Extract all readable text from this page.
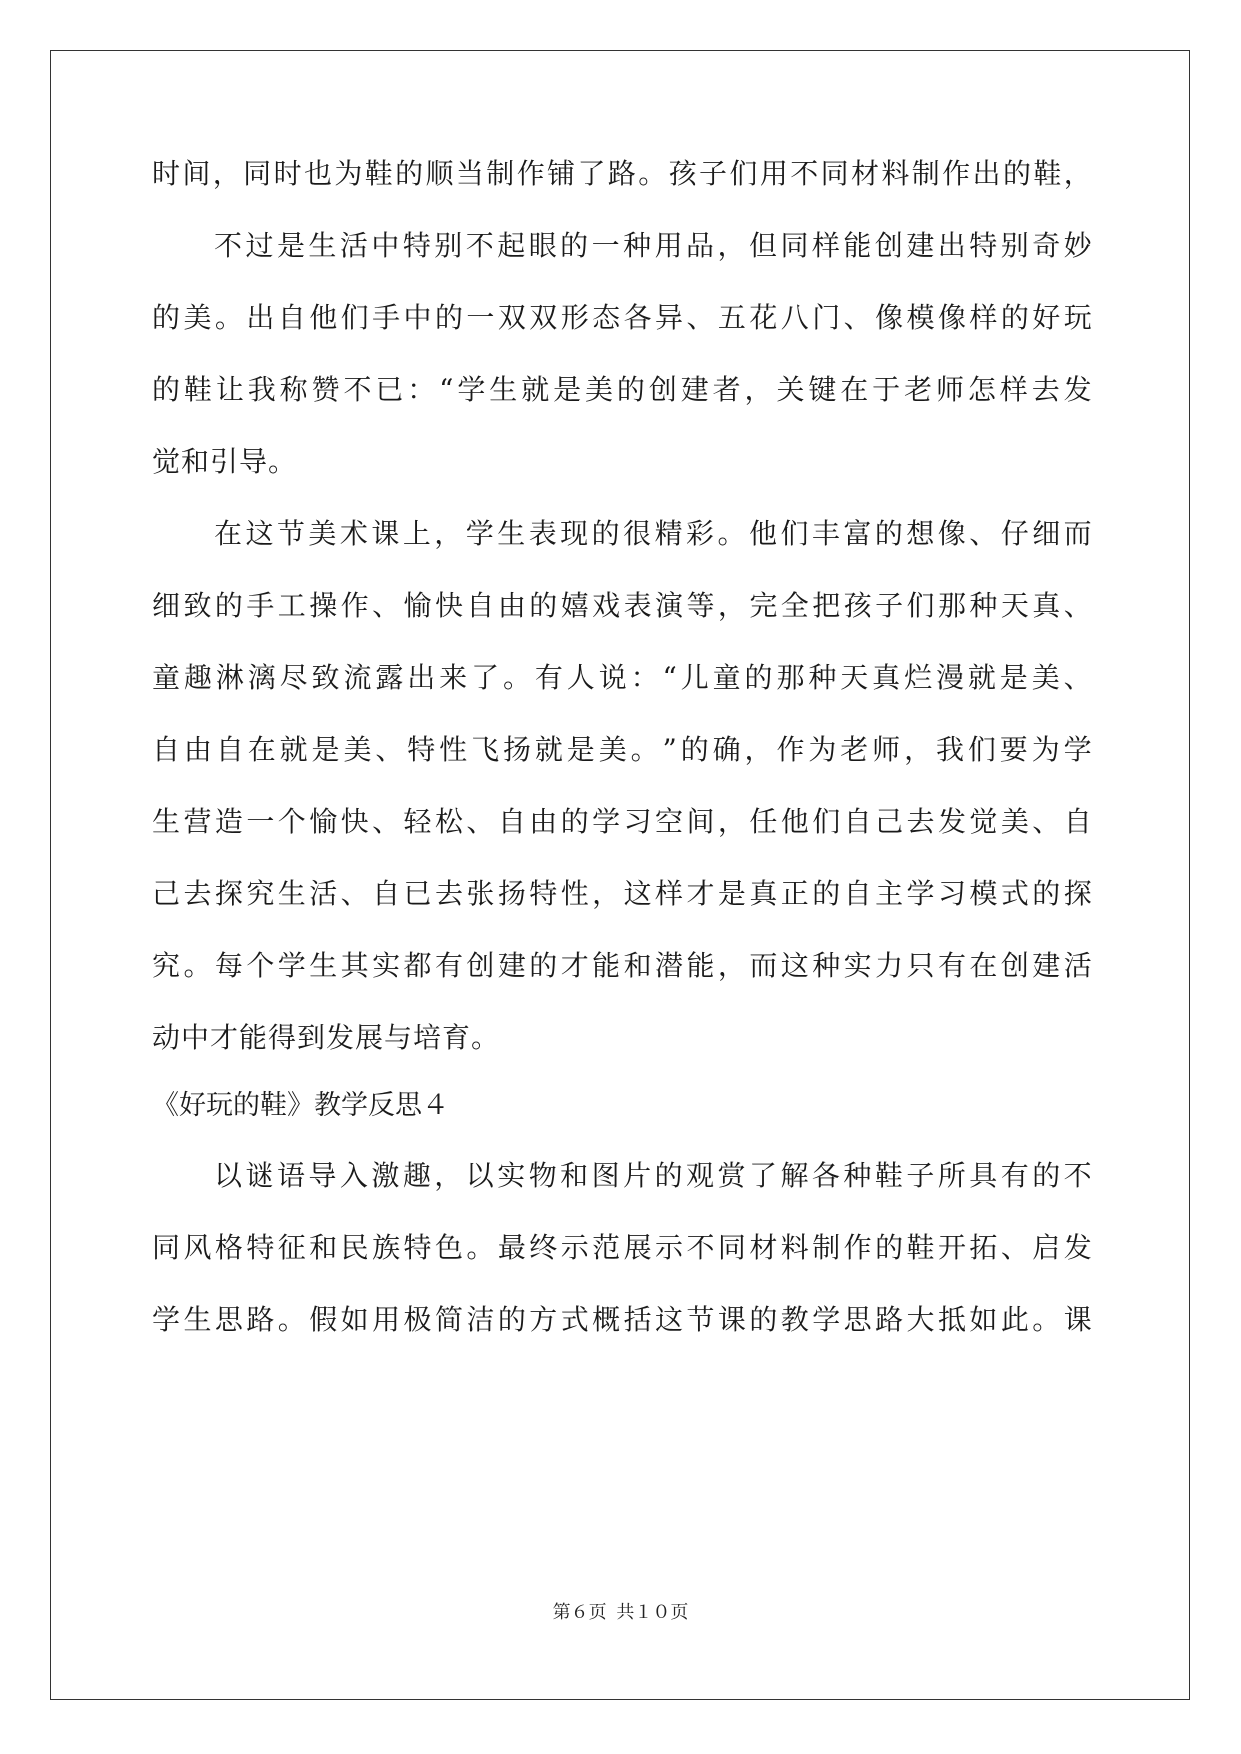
时 间 ， 同 时 也 为 鞋 的 顺 当 制 作 铺 了 路 。 孩 子 们 用 不 同 材 料 制 作 出 的 鞋 ，
不 过 是 生 活 中 特 别 不 起 眼 的 一 种 用 品 ， 但 同 样 能 创 建 出 特 别 奇 妙
的 美 。 出 自 他 们 手 中 的 一 双 双 形 态 各 异 、 五 花 八 门 、 像 模 像 样 的 好 玩
的 鞋 让 我 称 赞 不 已 ： “ 学 生 就 是 美 的 创 建 者 ， 关 键 在 于 老 师 怎 样 去 发
觉和引导。
在 这 节 美 术 课 上 ， 学 生 表 现 的 很 精 彩 。 他 们 丰 富 的 想 像 、 仔 细 而
细 致 的 手 工 操 作 、 愉 快 自 由 的 嬉 戏 表 演 等 ， 完 全 把 孩 子 们 那 种 天 真 、
童 趣 淋 漓 尽 致 流 露 出 来 了 。 有 人 说 ： “ 儿 童 的 那 种 天 真 烂 漫 就 是 美 、
自 由 自 在 就 是 美 、 特 性 飞 扬 就 是 美 。 ” 的 确 ， 作 为 老 师 ， 我 们 要 为 学
生 营 造 一 个 愉 快 、 轻 松 、 自 由 的 学 习 空 间 ， 任 他 们 自 己 去 发 觉 美 、 自
己 去 探 究 生 活 、 自 已 去 张 扬 特 性 ， 这 样 才 是 真 正 的 自 主 学 习 模 式 的 探
究 。 每 个 学 生 其 实 都 有 创 建 的 才 能 和 潜 能 ， 而 这 种 实 力 只 有 在 创 建 活
动中才能得到发展与培育。
《好玩的鞋》教学反思４
以 谜 语 导 入 激 趣 ， 以 实 物 和 图 片 的 观 赏 了 解 各 种 鞋 子 所 具 有 的 不
同 风 格 特 征 和 民 族 特 色 。 最 终 示 范 展 示 不 同 材 料 制 作 的 鞋 开 拓 、 启 发
学 生 思 路 。 假 如 用 极 简 洁 的 方 式 概 括 这 节 课 的 教 学 思 路 大 抵 如 此 。 课
第６页 共１０页
